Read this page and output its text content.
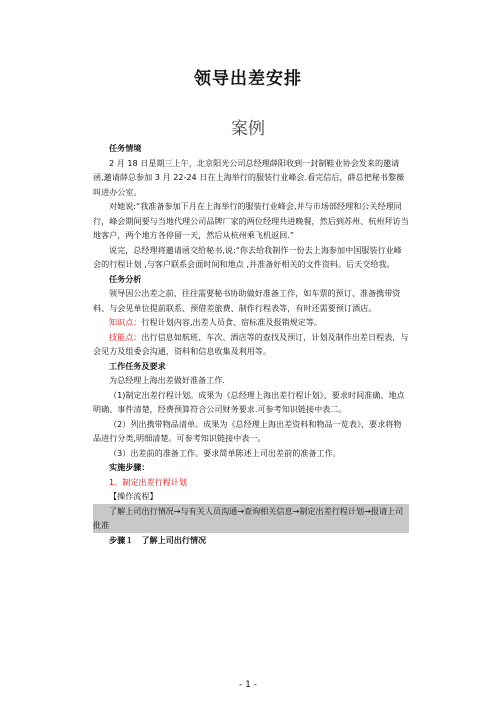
领导出差安排
案例

任务情境

2 月 18 日星期三上午，北京阳光公司总经理薛阳收到一封制鞋业协会发来的邀请函,邀请薛总参加 3 月 22-24 日在上海举行的服装行业峰会.看完信后，薛总把秘书黎薇叫进办公室。

对她说:“我准备参加下月在上海举行的服装行业峰会,并与市场部经理和公关经理同行，峰会期间要与当地代理公司品牌厂家的两位经理共进晚餐，然后到苏州、杭州拜访当地客户，两个地方各停留一天，然后从杭州乘飞机返回.”

说完，总经理将邀请函交给秘书,说:“你去给我制作一份去上海参加中国服装行业峰会的行程计划 ,与客户联系会面时间和地点 ,并准备好相关的文件资料。后天交给我。

任务分析

领导因公出差之前，往往需要秘书协助做好准备工作，如车票的预订、准备携带资料、与会见单位提前联系、预借差旅费、制作行程表等，有时还需要预订酒店。

知识点：行程计划内容,出差人员食、宿标准及报销规定等。

技能点：出行信息如航班、车次、酒店等的查找及预订，计划及制作出差日程表，与会见方及组委会沟通，资料和信息收集及利用等。

工作任务及要求

为总经理上海出差做好准备工作.

（1)制定出差行程计划。成果为《总经理上海出差行程计划》，要求时间准确、地点明确、事件清楚，经费预算符合公司财务要求.可参考知识链接中表二。

（2）列出携带物品清单。成果为《总经理上海出差资料和物品一览表》，要求将物品进行分类,明细清楚。可参考知识链接中表一。

（3）出差前的准备工作。要求简单陈述上司出差前的准备工作。

实施步骤：

1。制定出差行程计划

【操作流程】

了解上司出行情况→与有关人员沟通→查询相关信息→制定出差行程计划→报请上司批准

步骤１　了解上司出行情况

- 1 -
